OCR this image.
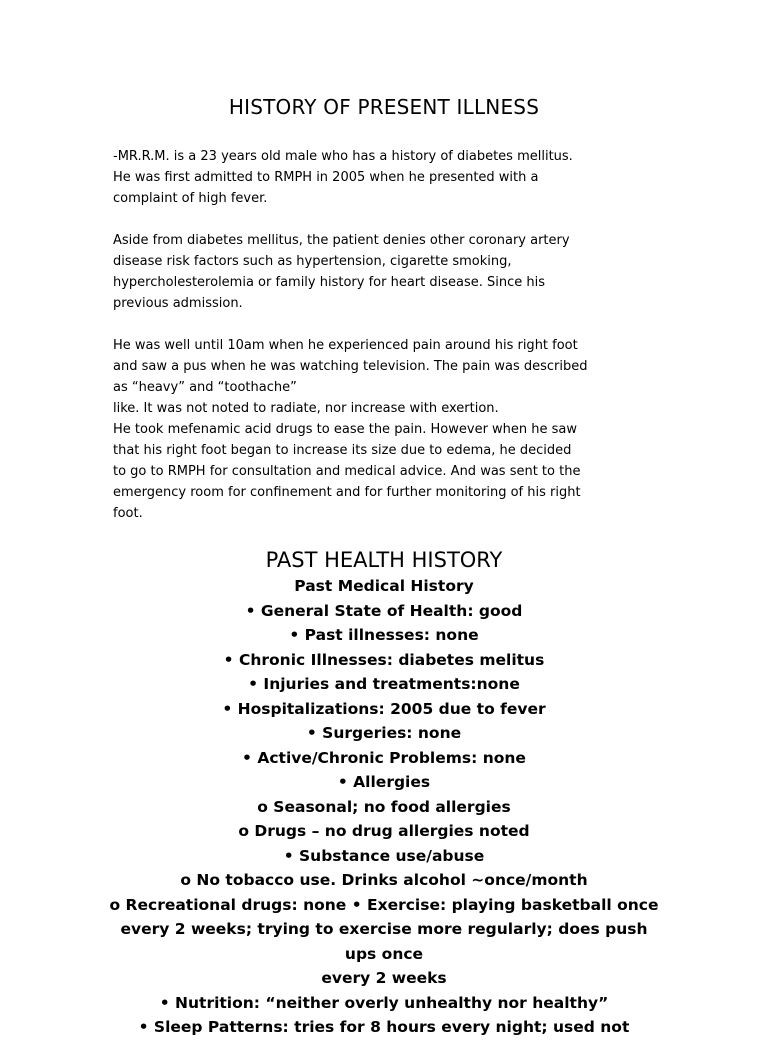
HISTORY OF PRESENT ILLNESS
-MR.R.M. is a 23 years old male who has a history of diabetes mellitus.
He was first admitted to RMPH in 2005 when he presented with a
complaint of high fever.
Aside from diabetes mellitus, the patient denies other coronary artery
disease risk factors such as hypertension, cigarette smoking,
hypercholesterolemia or family history for heart disease. Since his
previous admission.
He was well until 10am when he experienced pain around his right foot
and saw a pus when he was watching television. The pain was described
as “heavy” and “toothache”
like. It was not noted to radiate, nor increase with exertion.
He took mefenamic acid drugs to ease the pain. However when he saw
that his right foot began to increase its size due to edema, he decided
to go to RMPH for consultation and medical advice. And was sent to the
emergency room for confinement and for further monitoring of his right
foot.
PAST HEALTH HISTORY
Past Medical History
• General State of Health: good
• Past illnesses: none
• Chronic Illnesses: diabetes melitus
• Injuries and treatments:none
• Hospitalizations: 2005 due to fever
• Surgeries: none
• Active/Chronic Problems: none
• Allergies
o Seasonal; no food allergies
o Drugs – no drug allergies noted
• Substance use/abuse
o No tobacco use. Drinks alcohol ~once/month
o Recreational drugs: none • Exercise: playing basketball once
every 2 weeks; trying to exercise more regularly; does push
ups once
every 2 weeks
• Nutrition: “neither overly unhealthy nor healthy”
• Sleep Patterns: tries for 8 hours every night; used not
